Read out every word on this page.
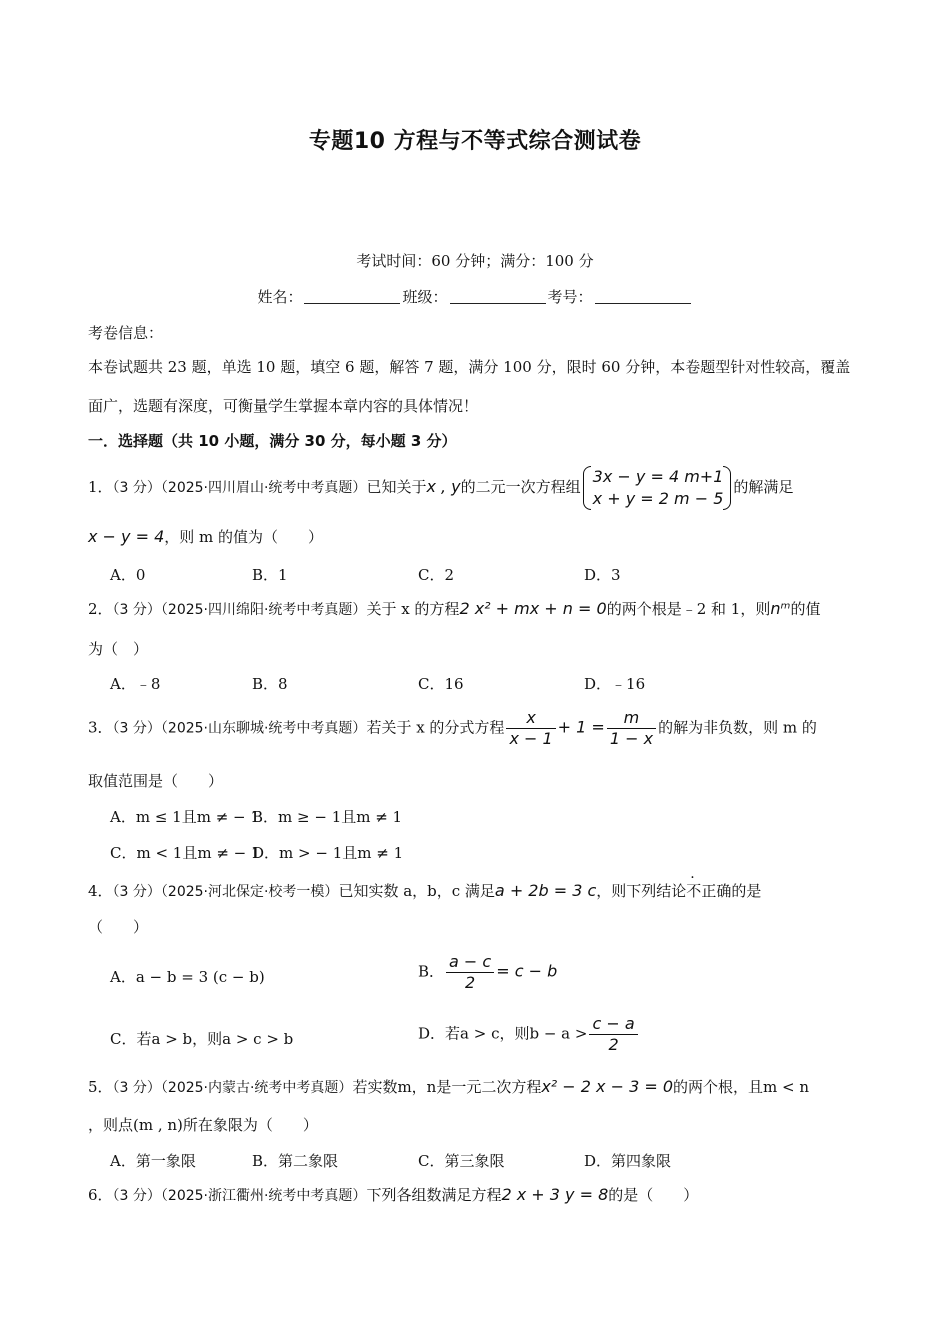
专题10 方程与不等式综合测试卷
考试时间：60 分钟；满分：100 分
姓名：	班级：	考号：
考卷信息：
本卷试题共 23 题，单选 10 题，填空 6 题，解答 7 题，满分 100 分，限时 60 分钟，本卷题型针对性较高，覆盖
面广，选题有深度，可衡量学生掌握本章内容的具体情况！
一．选择题（共 10 小题，满分 30 分，每小题 3 分）
1．（3 分）（2025·四川眉山·统考中考真题）已知关于x , y的二元一次方程组
3x − y = 4 m+1
x + y = 2 m − 5
的解满足
x − y = 4，则 m 的值为（　　）
A．0	B．1	C．2	D．3
2．（3 分）（2025·四川绵阳·统考中考真题）关于 x 的方程2 x² + mx + n = 0的两个根是﹣2 和 1，则nᵐ的值
为（　）
A．﹣8	B．8	C．16	D．﹣16
3．（3 分）（2025·山东聊城·统考中考真题）若关于 x 的分式方程 $\frac{x}{x - 1} + 1 = \frac{m}{1 - x}$ 的解为非负数，则 m 的
取值范围是（　　）
A．m ≤ 1且m ≠ − 1
B．m ≥ − 1且m ≠ 1
C．m < 1且m ≠ − 1
D．m > − 1且m ≠ 1
4．（3 分）（2025·河北保定·校考一模）已知实数 a，b，c 满足a + 2b = 3 c，则下列结论不正确的是
（　　）
A．a − b = 3 (c − b)	B． $\frac{a - c}{2} = c - b$
C．若a > b，则a > c > b	D．若a > c，则$b - a > \frac{c - a}{2}$
5．（3 分）（2025·内蒙古·统考中考真题）若实数m，n是一元二次方程x² − 2 x − 3 = 0的两个根，且m < n
，则点(m , n)所在象限为（　　）
A．第一象限	B．第二象限	C．第三象限	D．第四象限
6．（3 分）（2025·浙江衢州·统考中考真题）下列各组数满足方程2 x + 3 y = 8的是（　　）
